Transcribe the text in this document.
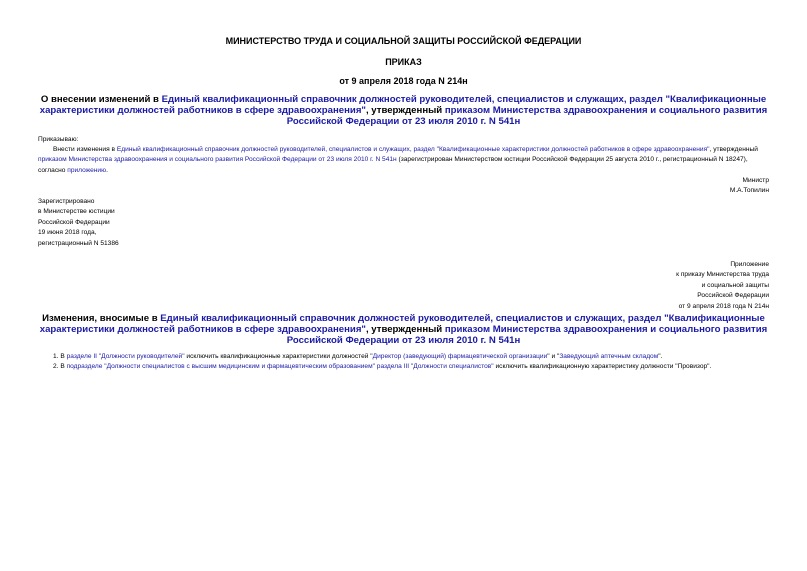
МИНИСТЕРСТВО ТРУДА И СОЦИАЛЬНОЙ ЗАЩИТЫ РОССИЙСКОЙ ФЕДЕРАЦИИ
ПРИКАЗ
от 9 апреля 2018 года N 214н
О внесении изменений в Единый квалификационный справочник должностей руководителей, специалистов и служащих, раздел "Квалификационные характеристики должностей работников в сфере здравоохранения", утвержденный приказом Министерства здравоохранения и социального развития Российской Федерации от 23 июля 2010 г. N 541н
Приказываю:
Внести изменения в Единый квалификационный справочник должностей руководителей, специалистов и служащих, раздел "Квалификационные характеристики должностей работников в сфере здравоохранения", утвержденный приказом Министерства здравоохранения и социального развития Российской Федерации от 23 июля 2010 г. N 541н (зарегистрирован Министерством юстиции Российской Федерации 25 августа 2010 г., регистрационный N 18247), согласно приложению.
Министр
М.А.Топилин
Зарегистрировано
в Министерстве юстиции
Российской Федерации
19 июня 2018 года,
регистрационный N 51386
Приложение
к приказу Министерства труда
и социальной защиты
Российской Федерации
от 9 апреля 2018 года N 214н
Изменения, вносимые в Единый квалификационный справочник должностей руководителей, специалистов и служащих, раздел "Квалификационные характеристики должностей работников в сфере здравоохранения", утвержденный приказом Министерства здравоохранения и социального развития Российской Федерации от 23 июля 2010 г. N 541н
1. В разделе II "Должности руководителей" исключить квалификационные характеристики должностей "Директор (заведующий) фармацевтической организации" и "Заведующий аптечным складом".
2. В подразделе "Должности специалистов с высшим медицинским и фармацевтическим образованием" раздела III "Должности специалистов" исключить квалификационную характеристику должности "Провизор".
